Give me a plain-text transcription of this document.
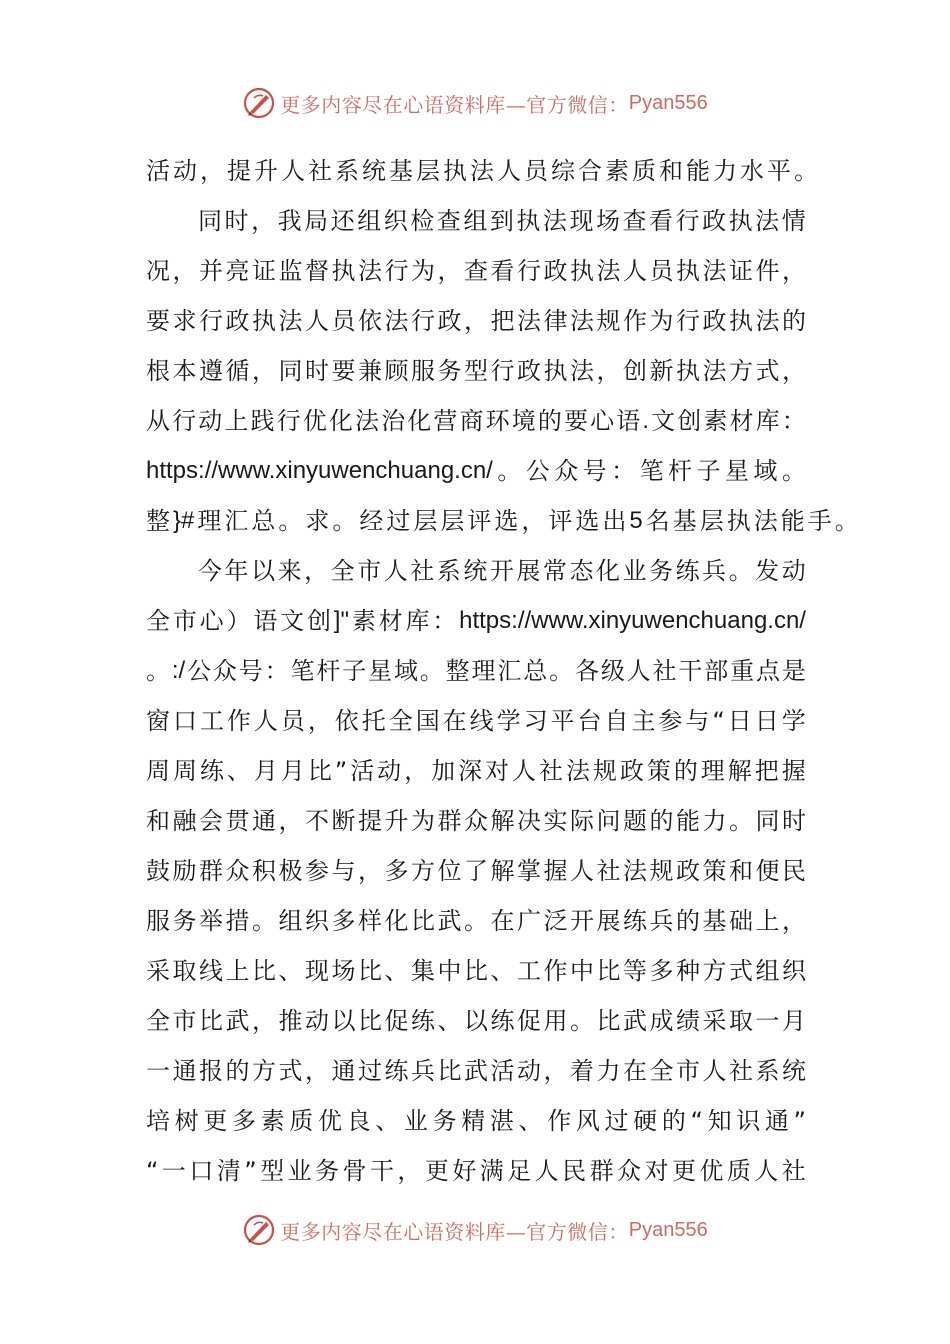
更多内容尽在心语资料库—官方微信： Pyan556
活 动 ， 提 升 人 社 系 统 基 层 执 法 人 员 综 合 素 质 和 能 力 水 平 。
同 时 ， 我 局 还 组 织 检 查 组 到 执 法 现 场 查 看 行 政 执 法 情
况 ， 并 亮 证 监 督 执 法 行 为 ， 查 看 行 政 执 法 人 员 执 法 证 件 ，
要 求 行 政 执 法 人 员 依 法 行 政 ， 把 法 律 法 规 作 为 行 政 执 法 的
根 本 遵 循 ， 同 时 要 兼 顾 服 务 型 行 政 执 法 ， 创 新 执 法 方 式 ，
从 行 动 上 践 行 优 化 法 治 化 营 商 环 境 的 要 心 语 . 文 创 素 材 库 ：
https://www.xinyuwenchuang.cn/ 。 公 众 号 ： 笔 杆 子 星 域 。
整 }# 理 汇 总 。 求 。 经 过 层 层 评 选 ， 评 选 出 5 名 基 层 执 法 能 手 。
今 年 以 来 ， 全 市 人 社 系 统 开 展 常 态 化 业 务 练 兵 。 发 动
全 市 心 ） 语 文 创 ]" 素 材 库 ： https://www.xinyuwenchuang.cn/
。 :/ 公 众 号 ： 笔 杆 子 星 域 。 整 理 汇 总 。 各 级 人 社 干 部 重 点 是
窗 口 工 作 人 员 ， 依 托 全 国 在 线 学 习 平 台 自 主 参 与 “ 日 日 学
周 周 练 、 月 月 比 ” 活 动 ， 加 深 对 人 社 法 规 政 策 的 理 解 把 握
和 融 会 贯 通 ， 不 断 提 升 为 群 众 解 决 实 际 问 题 的 能 力 。 同 时
鼓 励 群 众 积 极 参 与 ， 多 方 位 了 解 掌 握 人 社 法 规 政 策 和 便 民
服 务 举 措 。 组 织 多 样 化 比 武 。 在 广 泛 开 展 练 兵 的 基 础 上 ，
采 取 线 上 比 、 现 场 比 、 集 中 比 、 工 作 中 比 等 多 种 方 式 组 织
全 市 比 武 ， 推 动 以 比 促 练 、 以 练 促 用 。 比 武 成 绩 采 取 一 月
一 通 报 的 方 式 ， 通 过 练 兵 比 武 活 动 ， 着 力 在 全 市 人 社 系 统
培 树 更 多 素 质 优 良 、 业 务 精 湛 、 作 风 过 硬 的 “ 知 识 通 ”
“ 一 口 清 ” 型 业 务 骨 干 ， 更 好 满 足 人 民 群 众 对 更 优 质 人 社
更多内容尽在心语资料库—官方微信： Pyan556
